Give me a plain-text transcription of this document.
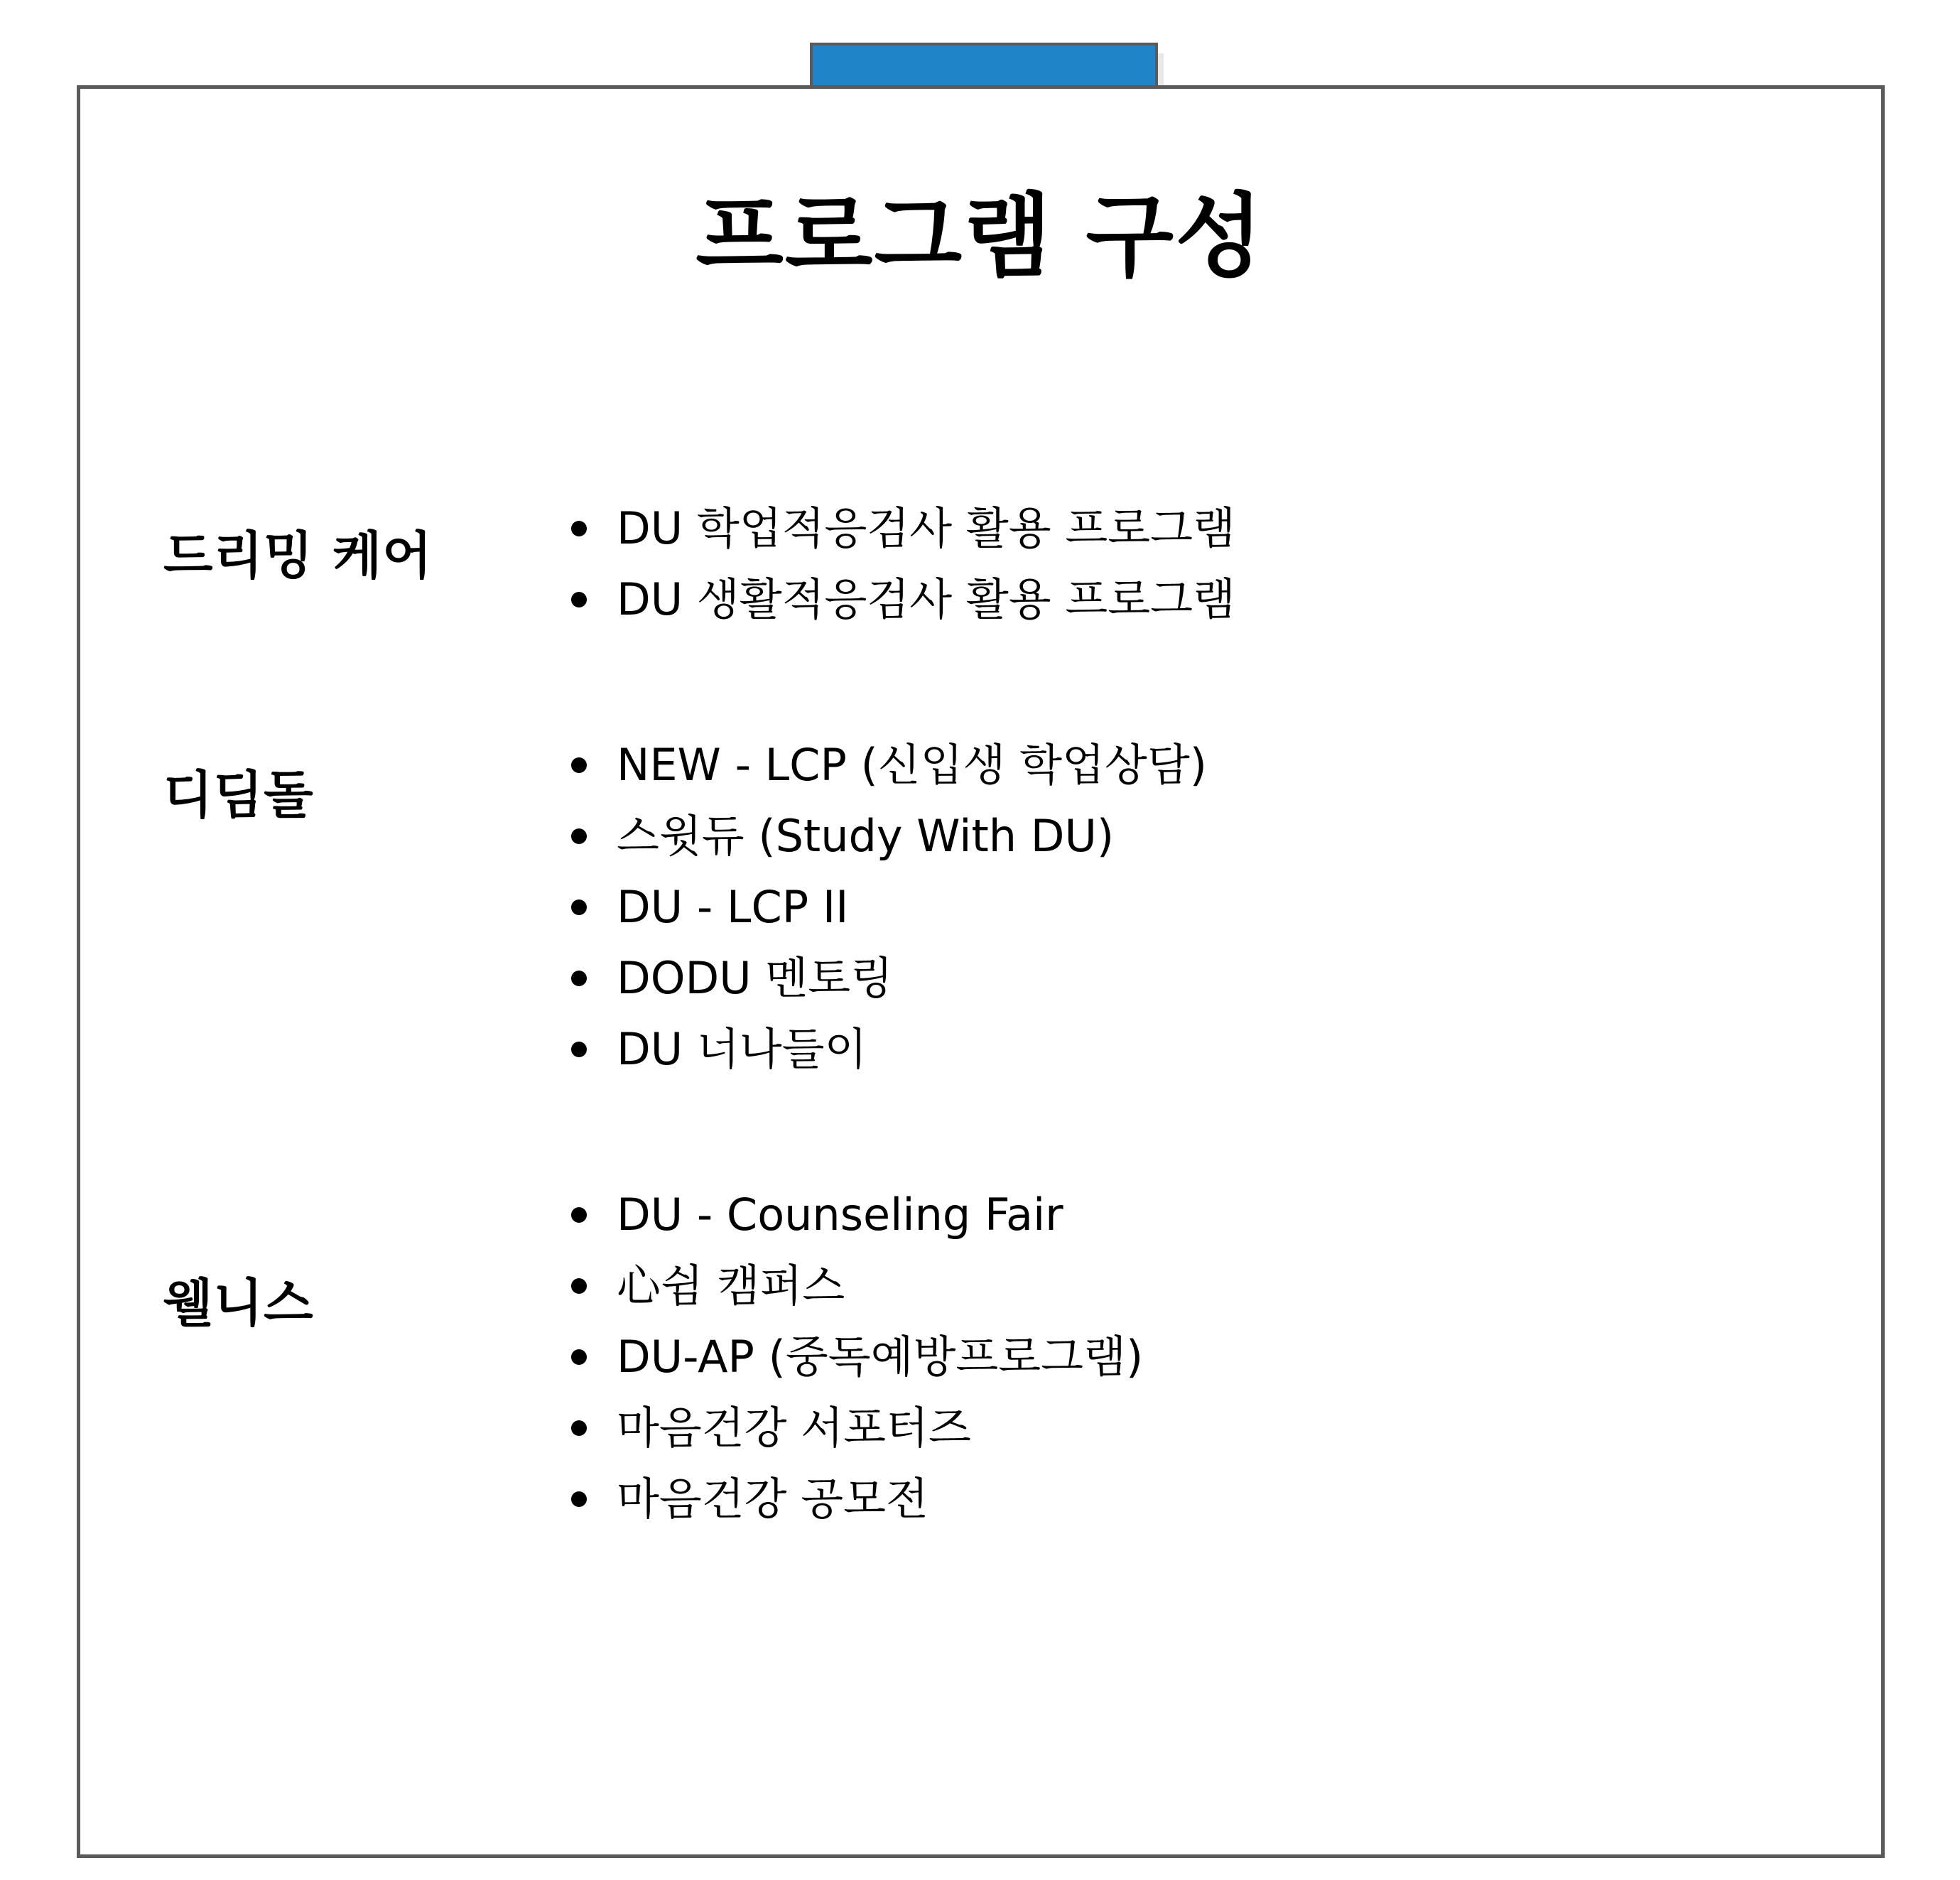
프로그램 구성
드리밍 케어	DU 학업적응검사 활용 프로그램
DU 생활적응검사 활용 프로그램
디딤돌
NEW - LCP (신입생 학업상담)
스윗듀 (Study With DU)
DU - LCP II
DODU 멘토링
DU 너나들이
웰니스
DU - Counseling Fair
心쉼 캠퍼스
DU-AP (중독예방프로그램)
마음건강 서포터즈
마음건강 공모전
